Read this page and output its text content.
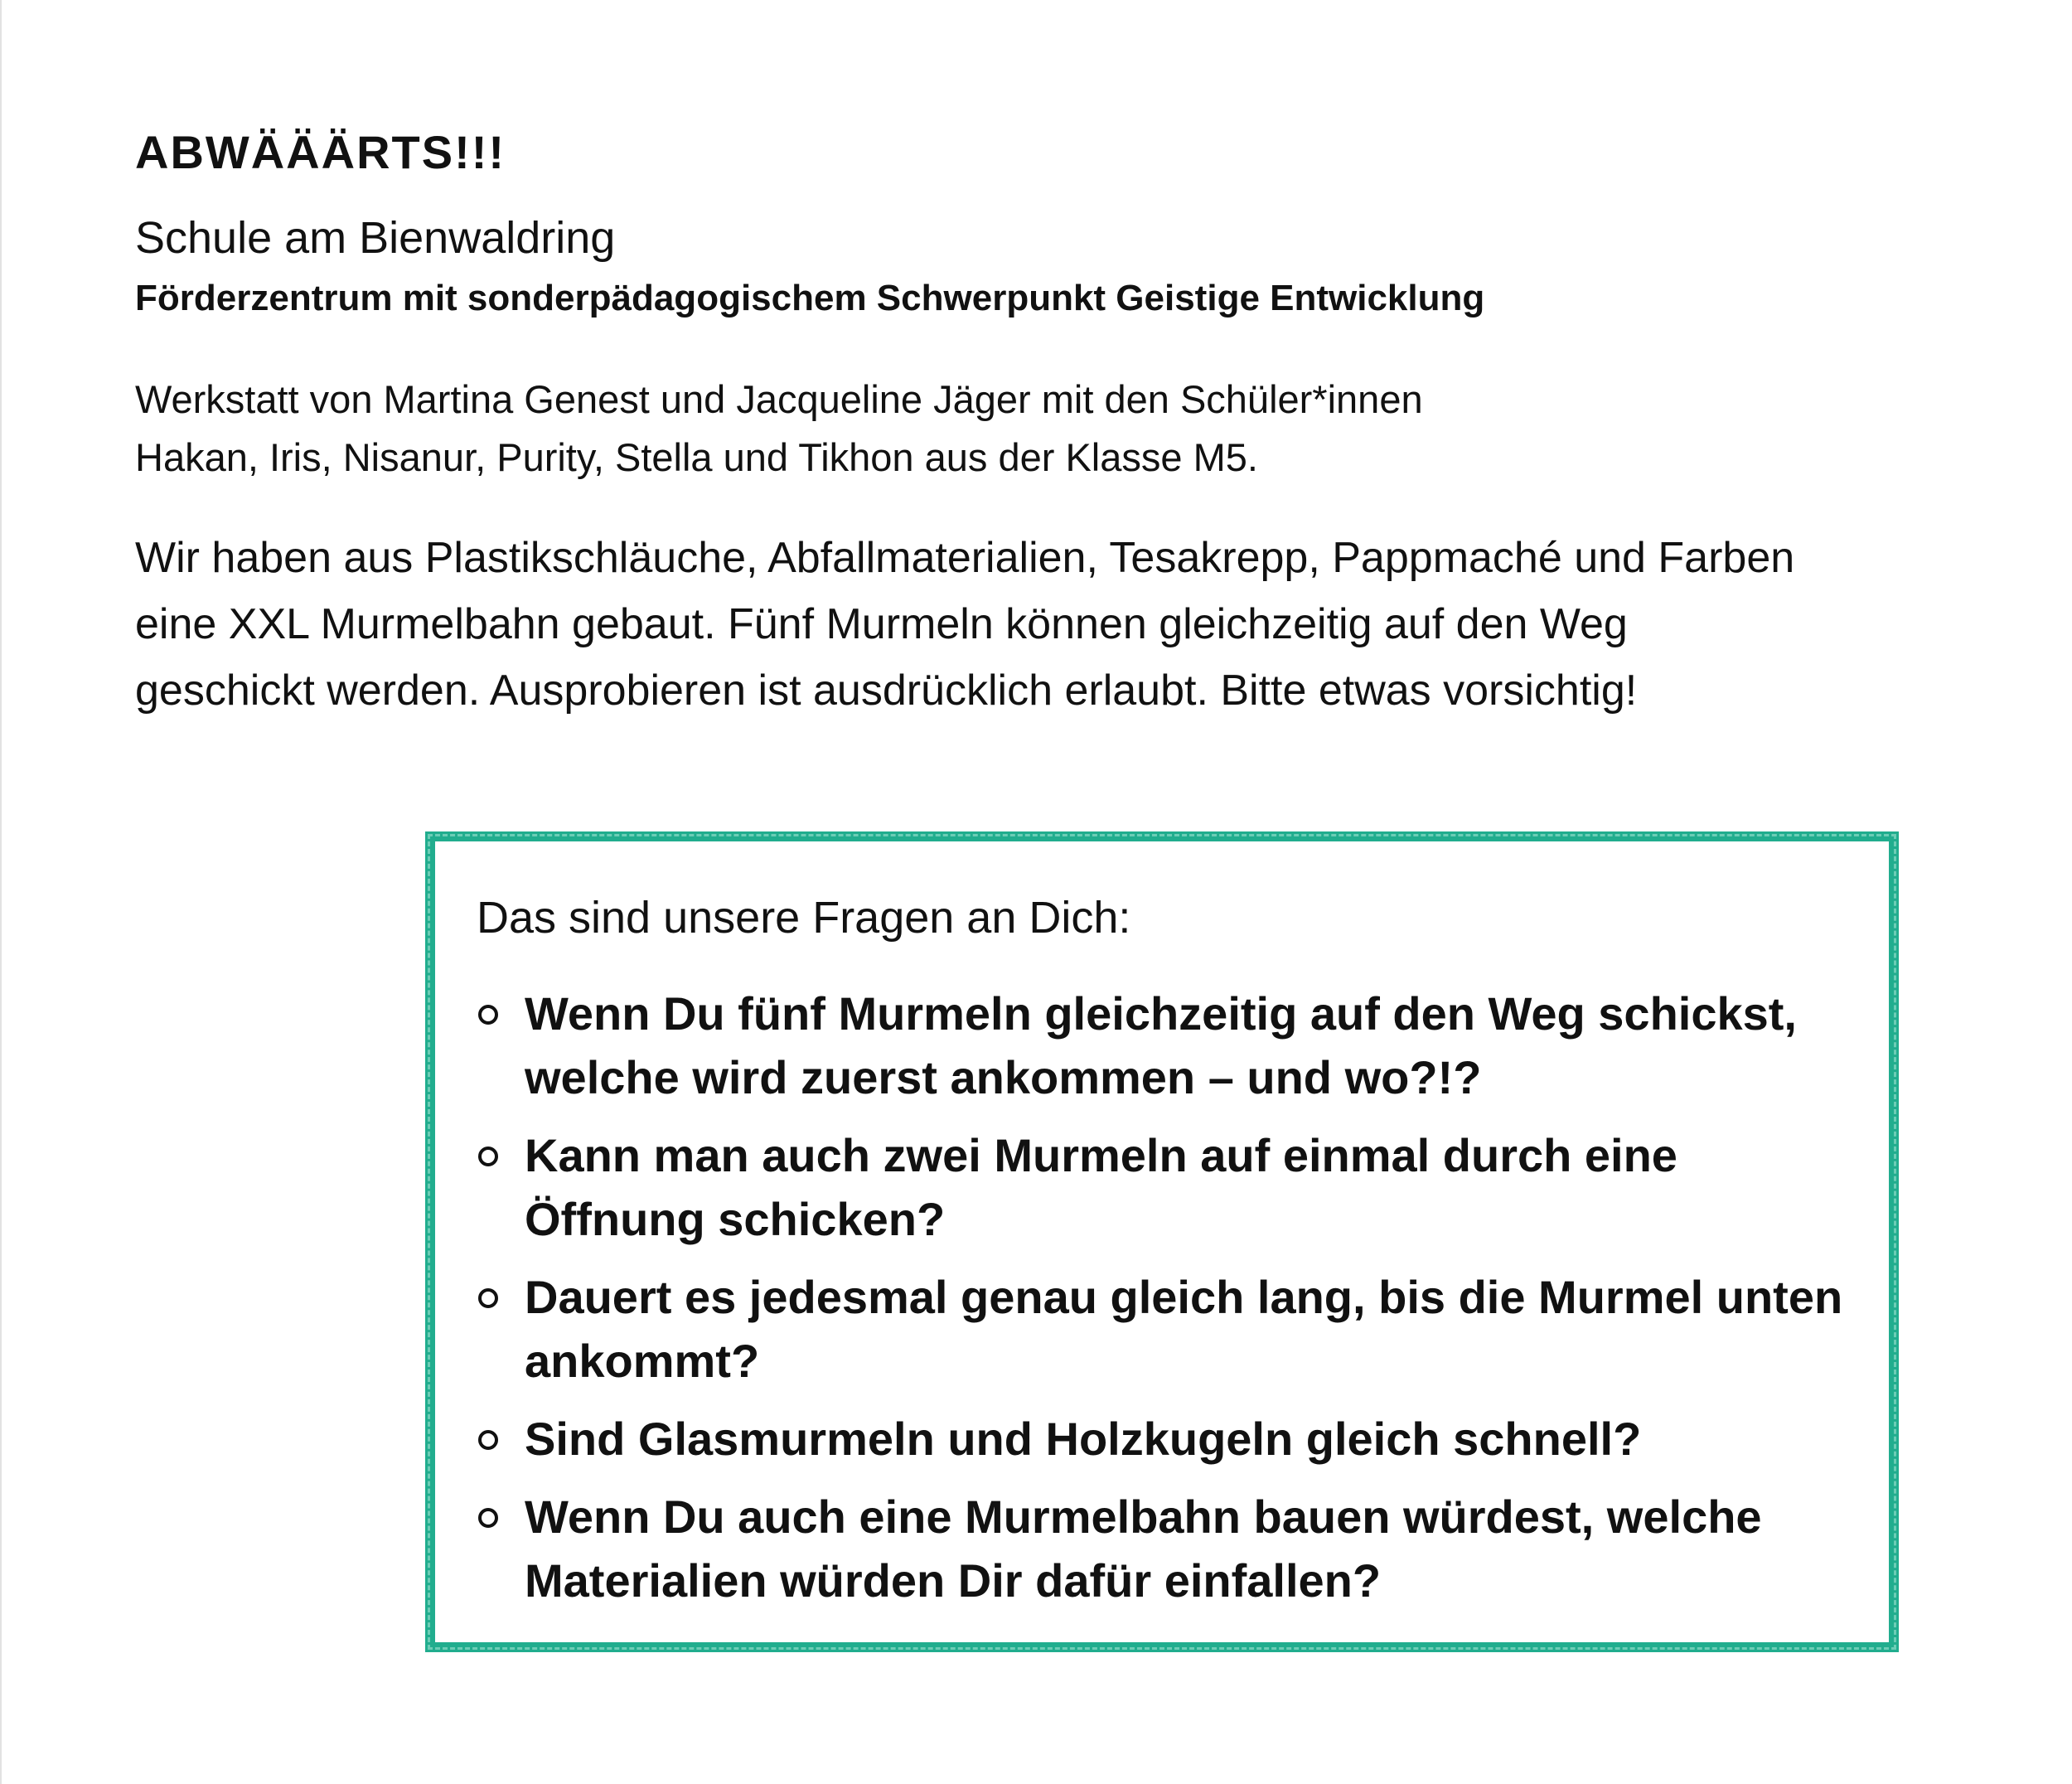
ABWÄÄÄRTS!!!
Schule am Bienwaldring
Förderzentrum mit sonderpädagogischem Schwerpunkt Geistige Entwicklung

Werkstatt von Martina Genest und Jacqueline Jäger mit den Schüler*innen
Hakan, Iris, Nisanur, Purity, Stella und Tikhon aus der Klasse M5.

Wir haben aus Plastikschläuche, Abfallmaterialien, Tesakrepp, Pappmaché und Farben
eine XXL Murmelbahn gebaut. Fünf Murmeln können gleichzeitig auf den Weg
geschickt werden. Ausprobieren ist ausdrücklich erlaubt. Bitte etwas vorsichtig!

Das sind unsere Fragen an Dich:
Wenn Du fünf Murmeln gleichzeitig auf den Weg schickst,
welche wird zuerst ankommen – und wo?!?
Kann man auch zwei Murmeln auf einmal durch eine
Öffnung schicken?
Dauert es jedesmal genau gleich lang, bis die Murmel unten
ankommt?
Sind Glasmurmeln und Holzkugeln gleich schnell?
Wenn Du auch eine Murmelbahn bauen würdest, welche
Materialien würden Dir dafür einfallen?
